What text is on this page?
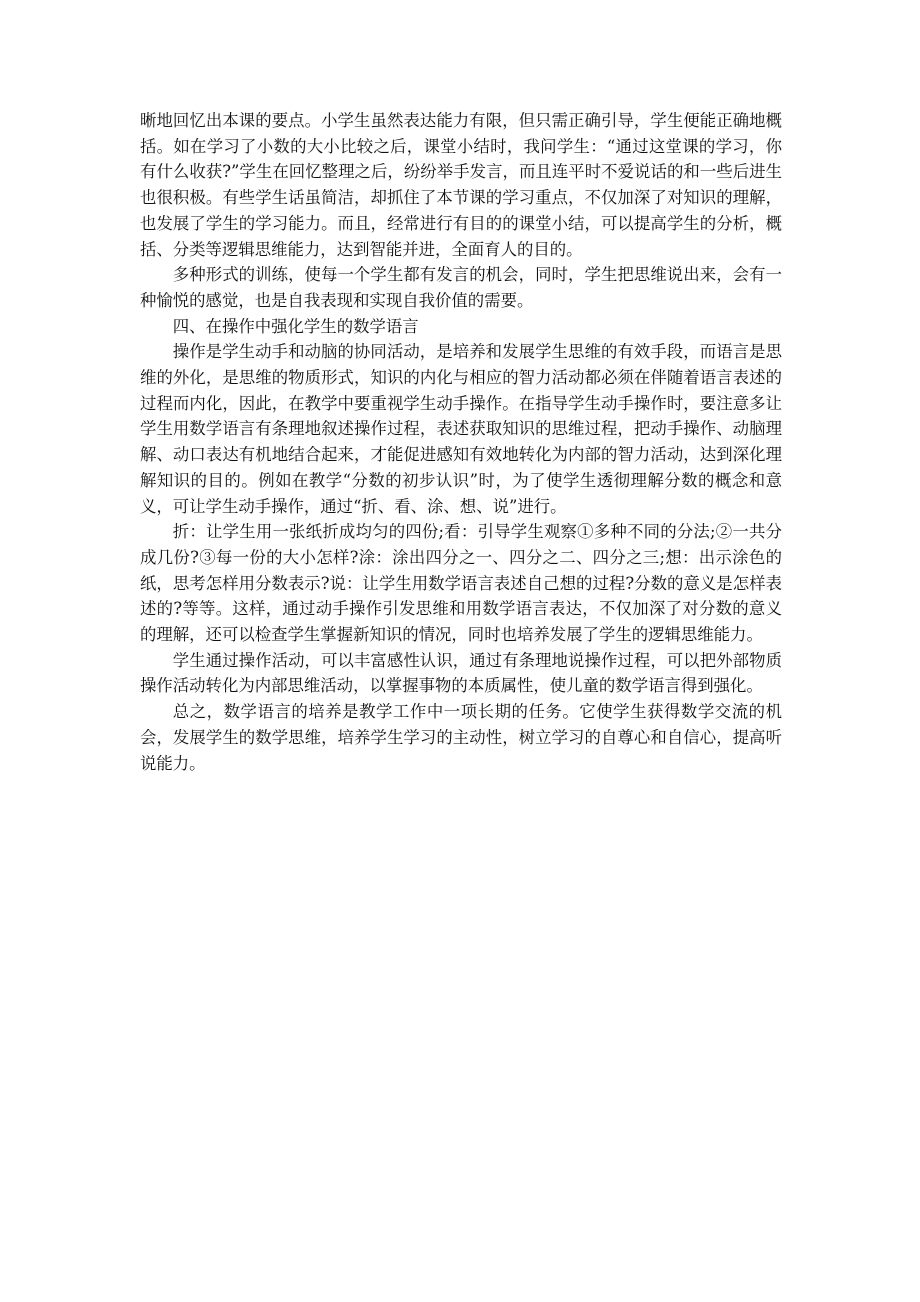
晰地回忆出本课的要点。小学生虽然表达能力有限，但只需正确引导，学生便能正确地概括。如在学习了小数的大小比较之后，课堂小结时，我问学生：“通过这堂课的学习，你有什么收获?”学生在回忆整理之后，纷纷举手发言，而且连平时不爱说话的和一些后进生也很积极。有些学生话虽简洁，却抓住了本节课的学习重点，不仅加深了对知识的理解，也发展了学生的学习能力。而且，经常进行有目的的课堂小结，可以提高学生的分析，概括、分类等逻辑思维能力，达到智能并进，全面育人的目的。

多种形式的训练，使每一个学生都有发言的机会，同时，学生把思维说出来，会有一种愉悦的感觉，也是自我表现和实现自我价值的需要。

四、在操作中强化学生的数学语言

操作是学生动手和动脑的协同活动，是培养和发展学生思维的有效手段，而语言是思维的外化，是思维的物质形式，知识的内化与相应的智力活动都必须在伴随着语言表述的过程而内化，因此，在教学中要重视学生动手操作。在指导学生动手操作时，要注意多让学生用数学语言有条理地叙述操作过程，表述获取知识的思维过程，把动手操作、动脑理解、动口表达有机地结合起来，才能促进感知有效地转化为内部的智力活动，达到深化理解知识的目的。例如在教学“分数的初步认识”时，为了使学生透彻理解分数的概念和意义，可让学生动手操作，通过“折、看、涂、想、说”进行。

折：让学生用一张纸折成均匀的四份;看：引导学生观察①多种不同的分法;②一共分成几份?③每一份的大小怎样?涂：涂出四分之一、四分之二、四分之三;想：出示涂色的纸，思考怎样用分数表示?说：让学生用数学语言表述自己想的过程?分数的意义是怎样表述的?等等。这样，通过动手操作引发思维和用数学语言表达，不仅加深了对分数的意义的理解，还可以检查学生掌握新知识的情况，同时也培养发展了学生的逻辑思维能力。

学生通过操作活动，可以丰富感性认识，通过有条理地说操作过程，可以把外部物质操作活动转化为内部思维活动，以掌握事物的本质属性，使儿童的数学语言得到强化。

总之，数学语言的培养是教学工作中一项长期的任务。它使学生获得数学交流的机会，发展学生的数学思维，培养学生学习的主动性，树立学习的自尊心和自信心，提高听说能力。
